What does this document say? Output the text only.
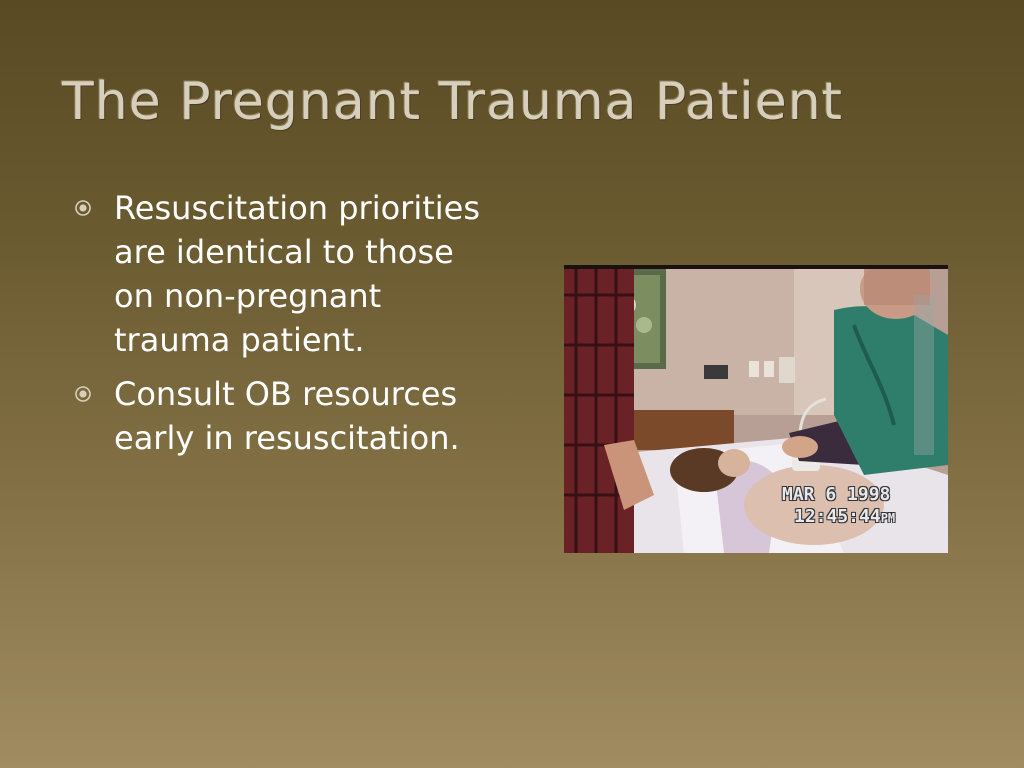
The Pregnant Trauma Patient
Resuscitation priorities are identical to those on non-pregnant trauma patient.
Consult OB resources early in resuscitation.
MAR 6 1998
12:45:44PM
